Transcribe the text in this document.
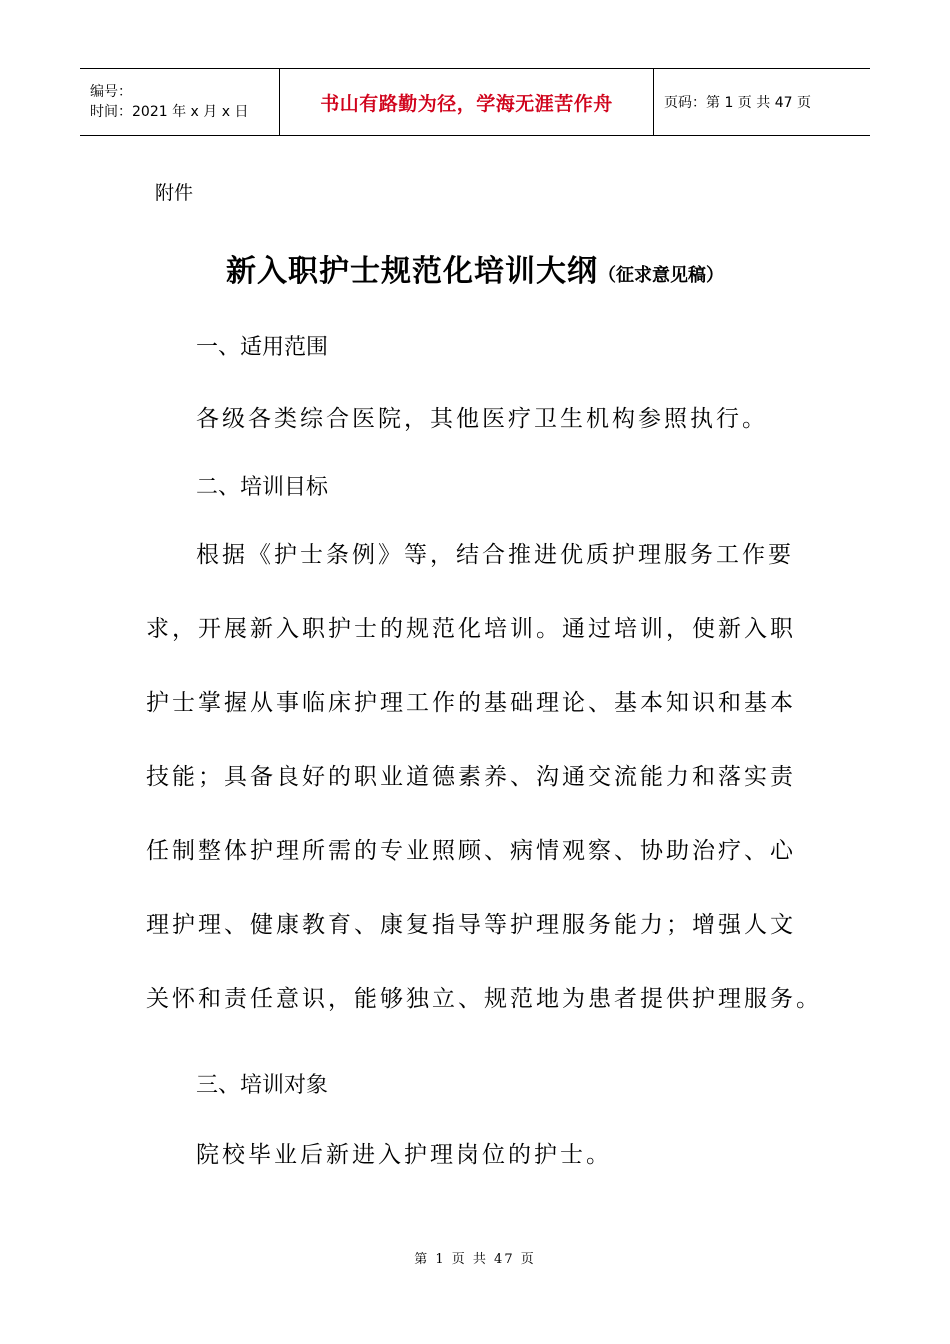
编号：
时间：2021 年 x 月 x 日	书山有路勤为径，学海无涯苦作舟	页码：第 1 页 共 47 页
附件
新入职护士规范化培训大纲（征求意见稿）
一、适用范围
各级各类综合医院，其他医疗卫生机构参照执行。
二、培训目标
根据《护士条例》等，结合推进优质护理服务工作要
求，开展新入职护士的规范化培训。通过培训，使新入职
护士掌握从事临床护理工作的基础理论、基本知识和基本
技能；具备良好的职业道德素养、沟通交流能力和落实责
任制整体护理所需的专业照顾、病情观察、协助治疗、心
理护理、健康教育、康复指导等护理服务能力；增强人文
关怀和责任意识，能够独立、规范地为患者提供护理服务。
三、培训对象
院校毕业后新进入护理岗位的护士。
第 1 页 共 47 页
